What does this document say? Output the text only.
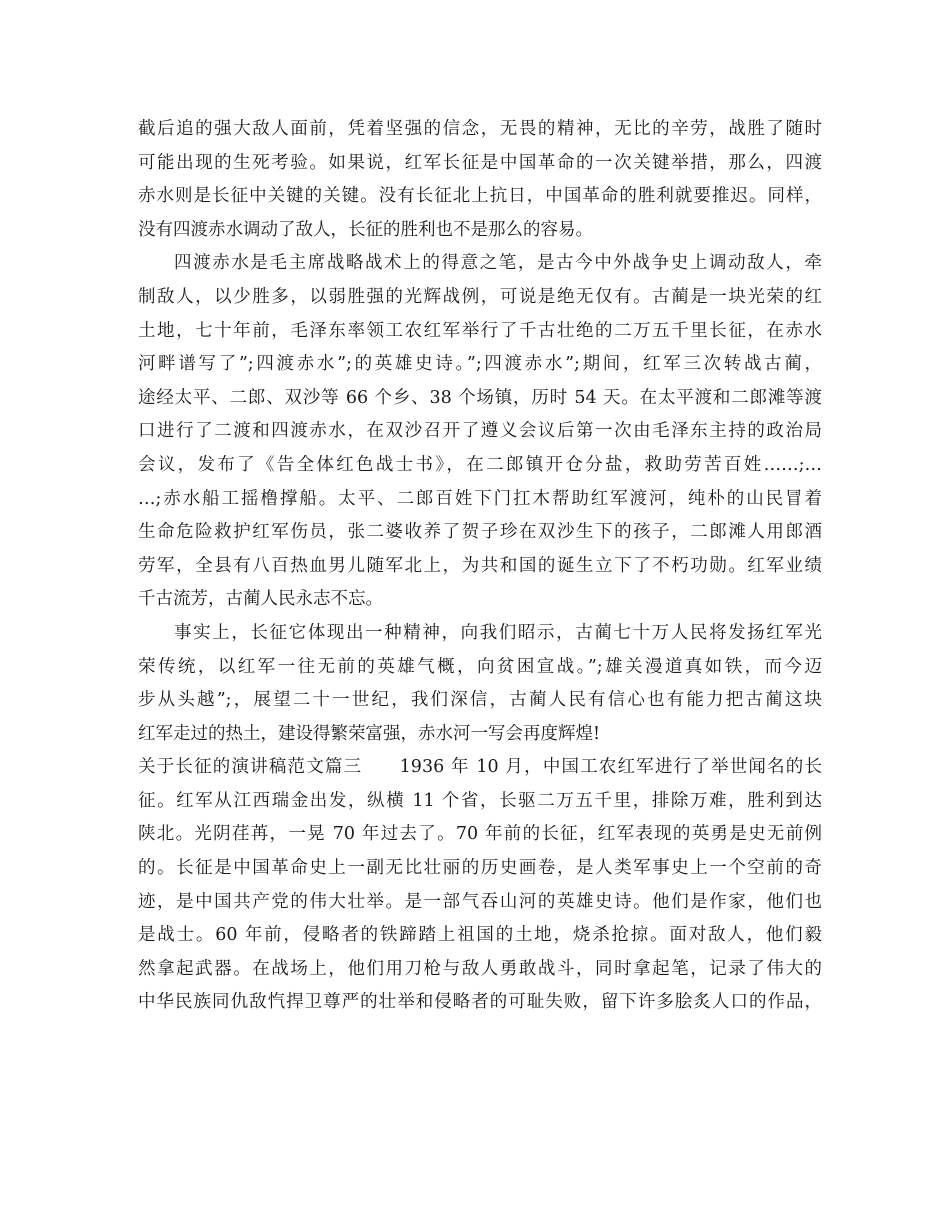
截后追的强大敌人面前，凭着坚强的信念，无畏的精神，无比的辛劳，战胜了随时
可能出现的生死考验。如果说，红军长征是中国革命的一次关键举措，那么，四渡
赤水则是长征中关键的关键。没有长征北上抗日，中国革命的胜利就要推迟。同样，
没有四渡赤水调动了敌人，长征的胜利也不是那么的容易。
四渡赤水是毛主席战略战术上的得意之笔，是古今中外战争史上调动敌人，牵
制敌人，以少胜多，以弱胜强的光辉战例，可说是绝无仅有。古蔺是一块光荣的红
土地，七十年前，毛泽东率领工农红军举行了千古壮绝的二万五千里长征，在赤水
河畔谱写了”;四渡赤水”;的英雄史诗。”;四渡赤水”;期间，红军三次转战古蔺，
途经太平、二郎、双沙等 66 个乡、38 个场镇，历时 54 天。在太平渡和二郎滩等渡
口进行了二渡和四渡赤水，在双沙召开了遵义会议后第一次由毛泽东主持的政治局
会议，发布了《告全体红色战士书》，在二郎镇开仓分盐，救助劳苦百姓……;…
…;赤水船工摇橹撑船。太平、二郎百姓下门扛木帮助红军渡河，纯朴的山民冒着
生命危险救护红军伤员，张二婆收养了贺子珍在双沙生下的孩子，二郎滩人用郎酒
劳军，全县有八百热血男儿随军北上，为共和国的诞生立下了不朽功勋。红军业绩
千古流芳，古蔺人民永志不忘。
事实上，长征它体现出一种精神，向我们昭示，古蔺七十万人民将发扬红军光
荣传统，以红军一往无前的英雄气概，向贫困宣战。”;雄关漫道真如铁，而今迈
步从头越”;，展望二十一世纪，我们深信，古蔺人民有信心也有能力把古蔺这块
红军走过的热土，建设得繁荣富强，赤水河一写会再度辉煌!
关于长征的演讲稿范文篇三　　1936 年 10 月，中国工农红军进行了举世闻名的长
征。红军从江西瑞金出发，纵横 11 个省，长驱二万五千里，排除万难，胜利到达
陕北。光阴荏苒，一晃 70 年过去了。70 年前的长征，红军表现的英勇是史无前例
的。长征是中国革命史上一副无比壮丽的历史画卷，是人类军事史上一个空前的奇
迹，是中国共产党的伟大壮举。是一部气吞山河的英雄史诗。他们是作家，他们也
是战士。60 年前，侵略者的铁蹄踏上祖国的土地，烧杀抢掠。面对敌人，他们毅
然拿起武器。在战场上，他们用刀枪与敌人勇敢战斗，同时拿起笔，记录了伟大的
中华民族同仇敌忾捍卫尊严的壮举和侵略者的可耻失败，留下许多脍炙人口的作品，
